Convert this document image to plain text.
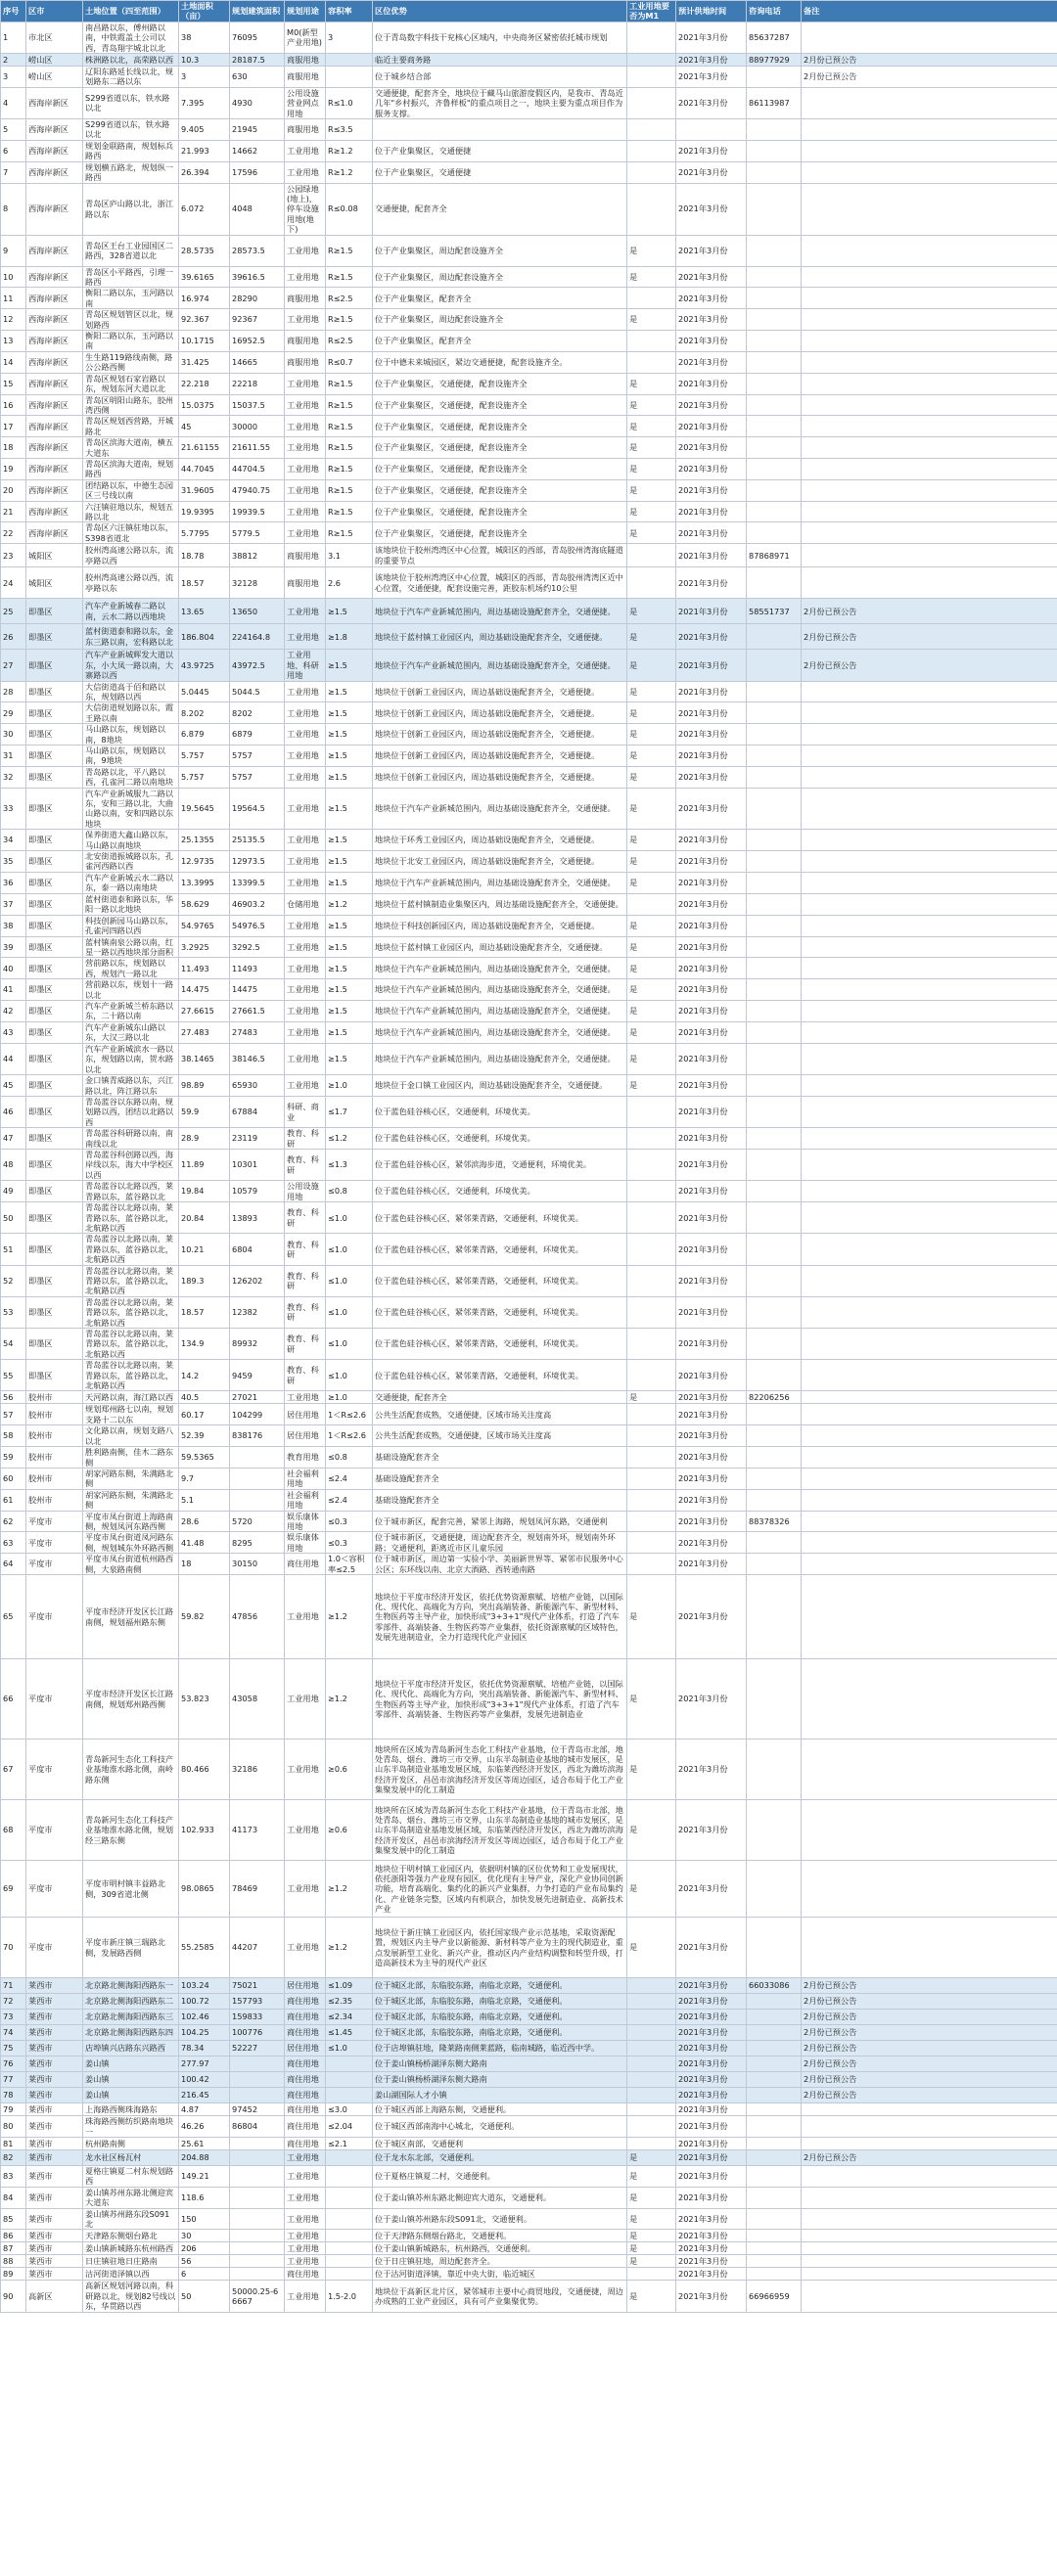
序号	区市	土地位置（四至范围）	土地面积（亩）	规划建筑面积	规划用途	容积率	区位优势	工业用地要否为M1	预计供地时间	咨询电话	备注
1	市北区	南昌路以东，傅州路以南，中铁霞盖土公司以西，青岛翔宇城北以北	38	76095	M0(新型产业用地)	3	位于青岛数字科技干兖核心区域内，中央商务区紧密依托城市规划		2021年3月份	85637287	
2	崂山区	株洲路以北，高荣路以西	10.3	28187.5	商服用地		临近主要商务路		2021年3月份	88977929	2月份已预公告
3	崂山区	辽阳东路延长线以北，规划路东二路以东	3	630	商服用地		位于城乡结合部		2021年3月份		2月份已预公告
4	西海岸新区	S299省道以东，铁水路以北	7.395	4930	公用设施营业网点用地	R≤1.0	交通便捷，配套齐全，地块位于藏马山旅游度假区内，是我市、青岛近几年"乡村振兴，齐鲁样板"的重点项目之一，地块主要为重点项目作为服务支撑。		2021年3月份	86113987	
5	西海岸新区	S299省道以东，铁水路以北	9.405	21945	商服用地	R≤3.5					
6	西海岸新区	规划金联路南，规划标兵路西	21.993	14662	工业用地	R≥1.2	位于产业集聚区，交通便捷		2021年3月份		
7	西海岸新区	规划横五路北，规划纵一路西	26.394	17596	工业用地	R≥1.2	位于产业集聚区，交通便捷		2021年3月份		
8	西海岸新区	青岛区庐山路以北，浙江路以东	6.072	4048	公园绿地(地上)，停车设施用地(地下)	R≤0.08	交通便捷，配套齐全		2021年3月份		
9	西海岸新区	青岛区王台工业园国区二路西，328省道以北	28.5735	28573.5	工业用地	R≥1.5	位于产业集聚区，周边配套设施齐全	是	2021年3月份		
10	西海岸新区	青岛区小平路西，引理一路西	39.6165	39616.5	工业用地	R≥1.5	位于产业集聚区，周边配套设施齐全	是	2021年3月份		
11	西海岸新区	衡阳二路以东，玉河路以南	16.974	28290	商服用地	R≤2.5	位于产业集聚区，配套齐全		2021年3月份		
12	西海岸新区	青岛区规划管区以北，规划路西	92.367	92367	工业用地	R≥1.5	位于产业集聚区，周边配套设施齐全	是	2021年3月份		
13	西海岸新区	衡阳二路以东，玉河路以南	10.1715	16952.5	商服用地	R≤2.5	位于产业集聚区，配套齐全		2021年3月份		
14	西海岸新区	生生路119路线南侧，路公公路西侧	31.425	14665	商服用地	R≤0.7	位于中德未来城园区，紧边交通便捷，配套设施齐全。		2021年3月份		
15	西海岸新区	青岛区规划石家岩路以东，规划东河大道以北	22.218	22218	工业用地	R≥1.5	位于产业集聚区，交通便捷，配套设施齐全	是	2021年3月份		
16	西海岸新区	青岛区明阳山路东，胶州湾西侧	15.0375	15037.5	工业用地	R≥1.5	位于产业集聚区，交通便捷，配套设施齐全	是	2021年3月份		
17	西海岸新区	青岛区规划西营路，开城路北	45	30000	工业用地	R≥1.5	位于产业集聚区，交通便捷，配套设施齐全	是	2021年3月份		
18	西海岸新区	青岛区滨海大道南，横五大道东	21.61155	21611.55	工业用地	R≥1.5	位于产业集聚区，交通便捷，配套设施齐全	是	2021年3月份		
19	西海岸新区	青岛区滨海大道南，规划路西	44.7045	44704.5	工业用地	R≥1.5	位于产业集聚区，交通便捷，配套设施齐全	是	2021年3月份		
20	西海岸新区	团结路以东，中德生态园区三号线以南	31.9605	47940.75	工业用地	R≥1.5	位于产业集聚区，交通便捷，配套设施齐全	是	2021年3月份		
21	西海岸新区	六汪镇驻地以东，规划五路以北	19.9395	19939.5	工业用地	R≥1.5	位于产业集聚区，交通便捷，配套设施齐全	是	2021年3月份		
22	西海岸新区	青岛区六汪镇驻地以东，S398省道北	5.7795	5779.5	工业用地	R≥1.5	位于产业集聚区，交通便捷，配套设施齐全	是	2021年3月份		
23	城阳区	胶州湾高速公路以东，流亭路以西	18.78	38812	商服用地	3.1	该地块位于胶州湾湾区中心位置，城阳区的西部，青岛胶州湾海底隧道的重要节点		2021年3月份	87868971	
24	城阳区	胶州湾高速公路以西，流亭路以东	18.57	32128	商服用地	2.6	该地块位于胶州湾湾区中心位置，城阳区的西部，青岛胶州湾湾区近中心位置，交通便捷，配套设施完善，距胶东机场约10公里		2021年3月份		
25	即墨区	汽车产业新城春二路以南，云水二路以西地块	13.65	13650	工业用地	≥1.5	地块位于汽车产业新城范围内，周边基础设施配套齐全，交通便捷。	是	2021年3月份	58551737	2月份已预公告
26	即墨区	蓝村街道泰和路以东，金东三路以南，宏科路以北	186.804	224164.8	工业用地	≥1.8	地块位于蓝村镇工业园区内，周边基础设施配套齐全，交通便捷。	是	2021年3月份		2月份已预公告
27	即墨区	汽车产业新城辉发大道以东，小大凤一路以南，大寨路以西	43.9725	43972.5	工业用地、科研用地	≥1.5	地块位于汽车产业新城范围内，周边基础设施配套齐全，交通便捷。	是	2021年3月份		2月份已预公告
28	即墨区	大信街道高于佰和路以东，规划路以西	5.0445	5044.5	工业用地	≥1.5	地块位于创新工业园区内，周边基础设施配套齐全，交通便捷。	是	2021年3月份		
29	即墨区	大信街道规划路以东，霞王路以南	8.202	8202	工业用地	≥1.5	地块位于创新工业园区内，周边基础设施配套齐全，交通便捷。	是	2021年3月份		
30	即墨区	马山路以东，规划路以南，8地块	6.879	6879	工业用地	≥1.5	地块位于创新工业园区内，周边基础设施配套齐全，交通便捷。	是	2021年3月份		
31	即墨区	马山路以东，规划路以南，9地块	5.757	5757	工业用地	≥1.5	地块位于创新工业园区内，周边基础设施配套齐全，交通便捷。	是	2021年3月份		
32	即墨区	青岛路以北，平八路以西，孔雀河二路以南地块	5.757	5757	工业用地	≥1.5	地块位于创新工业园区内，周边基础设施配套齐全，交通便捷。	是	2021年3月份		
33	即墨区	汽车产业新城服九二路以东，安和三路以北，大曲山路以南，安和四路以东地块	19.5645	19564.5	工业用地	≥1.5	地块位于汽车产业新城范围内，周边基础设施配套齐全，交通便捷。	是	2021年3月份		
34	即墨区	保养街道大鑫山路以东，马山路以南地块	25.1355	25135.5	工业用地	≥1.5	地块位于环秀工业园区内，周边基础设施配套齐全，交通便捷。	是	2021年3月份		
35	即墨区	北安街道振城路以东，孔雀河西路以西	12.9735	12973.5	工业用地	≥1.5	地块位于北安工业园区内，周边基础设施配套齐全，交通便捷。	是	2021年3月份		
36	即墨区	汽车产业新城云水二路以东，泰一路以南地块	13.3995	13399.5	工业用地	≥1.5	地块位于汽车产业新城范围内，周边基础设施配套齐全，交通便捷。	是	2021年3月份		
37	即墨区	蓝村街道泰和路以东，华阳一路以北地块	58.629	46903.2	仓储用地	≥1.2	地块位于蓝村镇制造业集聚区内，周边基础设施配套齐全，交通便捷。		2021年3月份		
38	即墨区	科技创新园马山路以东，孔雀河四路以西	54.9765	54976.5	工业用地	≥1.5	地块位于科技创新园区内，周边基础设施配套齐全，交通便捷。	是	2021年3月份		
39	即墨区	蓝村镇南泉公路以南，红星一路以西地块部分面积	3.2925	3292.5	工业用地	≥1.5	地块位于蓝村镇工业园区内，周边基础设施配套齐全，交通便捷。	是	2021年3月份		
40	即墨区	营前路以东，规划路以西，规划汽一路以北	11.493	11493	工业用地	≥1.5	地块位于汽车产业新城范围内，周边基础设施配套齐全，交通便捷。	是	2021年3月份		
41	即墨区	营前路以东，规划十一路以北	14.475	14475	工业用地	≥1.5	地块位于汽车产业新城范围内，周边基础设施配套齐全，交通便捷。	是	2021年3月份		
42	即墨区	汽车产业新城兰桥东路以东，二十路以南	27.6615	27661.5	工业用地	≥1.5	地块位于汽车产业新城范围内，周边基础设施配套齐全，交通便捷。	是	2021年3月份		
43	即墨区	汽车产业新城东山路以东，大汉三路以北	27.483	27483	工业用地	≥1.5	地块位于汽车产业新城范围内，周边基础设施配套齐全，交通便捷。	是	2021年3月份		
44	即墨区	汽车产业新城滨水一路以东，规划路以南，贺水路以北	38.1465	38146.5	工业用地	≥1.5	地块位于汽车产业新城范围内，周边基础设施配套齐全，交通便捷。	是	2021年3月份		
45	即墨区	金口镇青威路以东，兴江路以北，阵江路以东	98.89	65930	工业用地	≥1.0	地块位于金口镇工业园区内，周边基础设施配套齐全，交通便捷。	是	2021年3月份		
46	即墨区	青岛蓝谷以东路以南，规划路以西，团结以北路以西	59.9	67884	科研、商业	≤1.7	位于蓝色硅谷核心区，交通便利，环境优美。		2021年3月份		
47	即墨区	青岛蓝谷科研路以南，南南线以北	28.9	23119	教育、科研	≤1.2	位于蓝色硅谷核心区，交通便利，环境优美。		2021年3月份		
48	即墨区	青岛蓝谷科创路以西，海岸线以东，海大中学校区以西	11.89	10301	教育、科研	≤1.3	位于蓝色硅谷核心区，紧邻滨海步道，交通便利，环境优美。		2021年3月份		
49	即墨区	青岛蓝谷以北路以西，莱青路以东，蓝谷路以北	19.84	10579	公用设施用地	≤0.8	位于蓝色硅谷核心区，交通便利，环境优美。		2021年3月份		
50	即墨区	青岛蓝谷以北路以南，莱青路以东，蓝谷路以北，北航路以西	20.84	13893	教育、科研	≤1.0	位于蓝色硅谷核心区，紧邻莱青路，交通便利，环境优美。		2021年3月份		
51	即墨区	青岛蓝谷以北路以南，莱青路以东，蓝谷路以北，北航路以西	10.21	6804	教育、科研	≤1.0	位于蓝色硅谷核心区，紧邻莱青路，交通便利，环境优美。		2021年3月份		
52	即墨区	青岛蓝谷以北路以南，莱青路以东，蓝谷路以北，北航路以西	189.3	126202	教育、科研	≤1.0	位于蓝色硅谷核心区，紧邻莱青路，交通便利，环境优美。		2021年3月份		
53	即墨区	青岛蓝谷以北路以南，莱青路以东，蓝谷路以北，北航路以西	18.57	12382	教育、科研	≤1.0	位于蓝色硅谷核心区，紧邻莱青路，交通便利，环境优美。		2021年3月份		
54	即墨区	青岛蓝谷以北路以南，莱青路以东，蓝谷路以北，北航路以西	134.9	89932	教育、科研	≤1.0	位于蓝色硅谷核心区，紧邻莱青路，交通便利，环境优美。		2021年3月份		
55	即墨区	青岛蓝谷以北路以南，莱青路以东，蓝谷路以北，北航路以西	14.2	9459	教育、科研	≤1.0	位于蓝色硅谷核心区，紧邻莱青路，交通便利，环境优美。		2021年3月份		
56	胶州市	天河路以南，海江路以西	40.5	27021	工业用地	≥1.0	交通便捷，配套齐全	是	2021年3月份	82206256	
57	胶州市	规划郑州路七以南，规划支路十二以东	60.17	104299	居住用地	1＜R≤2.6	公共生活配套成熟，交通便捷，区域市场关注度高		2021年3月份		
58	胶州市	文化路以南，规划支路八以北	52.39	838176	居住用地	1＜R≤2.6	公共生活配套成熟，交通便捷，区域市场关注度高		2021年3月份		
59	胶州市	胜利路南侧，佳木二路东侧	59.5365		教育用地	≤0.8	基础设施配套齐全		2021年3月份		
60	胶州市	胡家河路东侧，朱满路北侧	9.7		社会福利用地	≤2.4	基础设施配套齐全		2021年3月份		
61	胶州市	胡家河路东侧，朱满路北侧	5.1		社会福利用地	≤2.4	基础设施配套齐全		2021年3月份		
62	平度市	平度市凤台街道上海路南侧，规划凤河东路西侧	28.6	5720	娱乐康体用地	≤0.3	位于城市新区，配套完善，紧邻上海路，规划凤河东路，交通便利		2021年3月份	88378326	
63	平度市	平度市凤台街道凤河路东侧，规划城东外环路西侧	41.48	8295	娱乐康体用地	≤0.3	位于城市新区，交通便捷，周边配套齐全，规划南外环，规划南外环路；交通便利，距离近市区儿童乐园		2021年3月份		
64	平度市	平度市凤台街道杭州路西侧，大泉路南侧	18	30150	商住用地	1.0＜容积率≤2.5	位于城市新区，周边第一实验小学、美丽新世界等、紧邻市民服务中心公区；东环线以南、北京大酒路、西转通南路		2021年3月份		
65	平度市	平度市经济开发区长江路南侧，规划福州路东侧	59.82	47856	工业用地	≥1.2	地块位于平度市经济开发区，依托优势资源禀赋、培植产业链，以国际化、现代化、高端化为方向，突出高端装备、新能源汽车、新型材料、生物医药等主导产业，加快形成"3+3+1"现代产业体系，打造了汽车零部件、高端装备、生物医药等产业集群，依托资源禀赋的区域特色，发展先进制造业，全力打造现代化产业园区	是	2021年3月份		
66	平度市	平度市经济开发区长江路南侧，规划郑州路西侧	53.823	43058	工业用地	≥1.2	地块位于平度市经济开发区，依托优势资源禀赋、培植产业链，以国际化、现代化、高端化为方向，突出高端装备、新能源汽车、新型材料、生物医药等主导产业，加快形成"3+3+1"现代产业体系，打造了汽车零部件、高端装备、生物医药等产业集群，发展先进制造业	是	2021年3月份		
67	平度市	青岛新河生态化工科技产业基地淮水路北侧，南岭路东侧	80.466	32186	工业用地	≥0.6	地块所在区域为青岛新河生态化工科技产业基地，位于青岛市北部，地处青岛、烟台、潍坊三市交界，山东半岛制造业基地的城市发展区，是山东半岛制造业基地发展区域，东临莱西经济开发区，西北为潍坊滨海经济开发区，昌邑市滨海经济开发区等周边园区，适合布局于化工产业集聚发展中的化工制造	是	2021年3月份		
68	平度市	青岛新河生态化工科技产业基地淮水路北侧，规划经三路东侧	102.933	41173	工业用地	≥0.6	地块所在区域为青岛新河生态化工科技产业基地，位于青岛市北部，地处青岛、烟台、潍坊三市交界，山东半岛制造业基地的城市发展区，是山东半岛制造业基地发展区域，东临莱西经济开发区，西北为潍坊滨海经济开发区，昌邑市滨海经济开发区等周边园区，适合布局于化工产业集聚发展中的化工制造	是	2021年3月份		
69	平度市	平度市明村镇丰益路北侧，309省道北侧	98.0865	78469	工业用地	≥1.2	地块位于明村镇工业园区内，依据明村镇的区位优势和工业发展现状，依托浙阳等强力产业现有园区，优化现有主导产业，深化产业协同创新功能，培育高端化、集约化的新兴产业集群，力争打造的产业布局集约化、产业链条完整，区域内有机联合，加快发展先进制造业、高新技术产业	是	2021年3月份		
70	平度市	平度市新庄镇三瑞路北侧，发展路西侧	55.2585	44207	工业用地	≥1.2	地块位于新庄镇工业园区内，依托国家级产业示范基地，采取资源配置，规划区内主导产业以新能源、新材料等产业为主的现代制造业，重点发展新型工业化、新兴产业，推动区内产业结构调整和转型升级，打造高新技术为主导的现代产业区	是	2021年3月份		
71	莱西市	北京路北侧海阳西路东一	103.24	75021	居住用地	≤1.09	位于城区北部，东临胶东路，南临北京路，交通便利。		2021年3月份	66033086	2月份已预公告
72	莱西市	北京路北侧海阳西路东二	100.72	157793	商住用地	≤2.35	位于城区北部，东临胶东路，南临北京路，交通便利。		2021年3月份		2月份已预公告
73	莱西市	北京路北侧海阳西路东三	102.46	159833	商住用地	≤2.34	位于城区北部，东临胶东路，南临北京路，交通便利。		2021年3月份		2月份已预公告
74	莱西市	北京路北侧海阳西路东四	104.25	100776	商住用地	≤1.45	位于城区北部，东临胶东路，南临北京路，交通便利。		2021年3月份		2月份已预公告
75	莱西市	店埠镇兴店路东兴路西	78.34	52227	居住用地	≤1.0	位于店埠镇驻地，隆莱路南侧莱蓝路，临南城路，临近西中学。		2021年3月份		2月份已预公告
76	莱西市	姜山镇	277.97		商住用地		位于姜山镇杨桥湖泽东侧大路南		2021年3月份		2月份已预公告
77	莱西市	姜山镇	100.42		商住用地		位于姜山镇杨桥湖泽东侧大路南		2021年3月份		2月份已预公告
78	莱西市	姜山镇	216.45		商住用地		姜山湖国际人才小镇		2021年3月份		2月份已预公告
79	莱西市	上海路西侧珠海路东	4.87	97452	商住用地	≤3.0	位于城区西部上海路东侧，交通便利。		2021年3月份		
80	莱西市	珠海路西侧纺织路南地块一	46.26	86804	商住用地	≤2.04	位于城区西部南海中心城北，交通便利。		2021年3月份		
81	莱西市	杭州路南侧	25.61		商住用地	≤2.1	位于城区南部，交通便利		2021年3月份		
82	莱西市	龙水社区杨瓦村	204.88		工业用地		位于龙水东北部，交通便利。	是	2021年3月份		2月份已预公告
83	莱西市	夏格庄镇夏二村东规划路西	149.21		工业用地		位于夏格庄镇夏二村，交通便利。	是	2021年3月份		
84	莱西市	姜山镇苏州东路北侧迎宾大道东	118.6		工业用地		位于姜山镇苏州东路北侧迎宾大道东，交通便利。	是	2021年3月份		
85	莱西市	姜山镇苏州路东段S091北	150		工业用地		位于姜山镇苏州路东段S091北，交通便利。	是	2021年3月份		
86	莱西市	天津路东侧烟台路北	30		工业用地		位于天津路东侧烟台路北，交通便利。	是	2021年3月份		
87	莱西市	姜山镇新城路东杭州路西	206		工业用地		位于姜山镇新城路东，杭州路西，交通便利。	是	2021年3月份		
88	莱西市	日庄镇驻地日庄路南	56		工业用地		位于日庄镇驻地，周边配套齐全。	是	2021年3月份		
89	莱西市	沽河街道泽镇以西	6		商住用地		位于沽河街道泽镇，靠近中央大街，临近城区		2021年3月份		
90	高新区	高新区规划河路以南，科研路以北，规划82号线以东，华贯路以西	50	50000.25-66667	工业用地	1.5-2.0	地块位于高新区北片区，紧邻城市主要中心商贸地段，交通便捷，周边办成熟的工业产业园区，具有可产业集聚优势。	是	2021年3月份	66966959	
